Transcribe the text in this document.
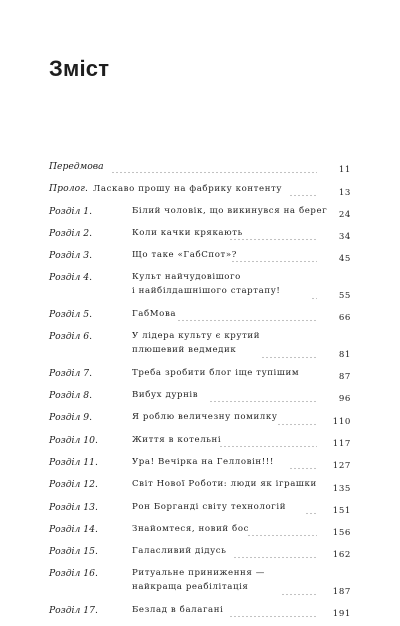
Зміст
Передмова	11
Пролог. Ласкаво прошу на фабрику контенту	13
Розділ 1.	Білий чоловік, що викинувся на берег	24
Розділ 2.	Коли качки крякають	34
Розділ 3.	Що таке «ГабСпот»?	45
Розділ 4.	Культ найчудовішого
і найбілдашнішого стартапу!	55
Розділ 5.	ГабМова	66
Розділ 6.	У лідера культу є крутий
плюшевий ведмедик	81
Розділ 7.	Треба зробити блог іще тупішим	87
Розділ 8.	Вибух дурнів	96
Розділ 9.	Я роблю величезну помилку	110
Розділ 10.	Життя в котельні	117
Розділ 11.	Ура! Вечірка на Гелловін!!!	127
Розділ 12.	Світ Нової Роботи: люди як іграшки	135
Розділ 13.	Рон Борганді світу технологій	151
Розділ 14.	Знайомтеся, новий бос	156
Розділ 15.	Галасливий дідусь	162
Розділ 16.	Ритуальне приниження —
найкраща реабілітація	187
Розділ 17.	Безлад в балагані	191
